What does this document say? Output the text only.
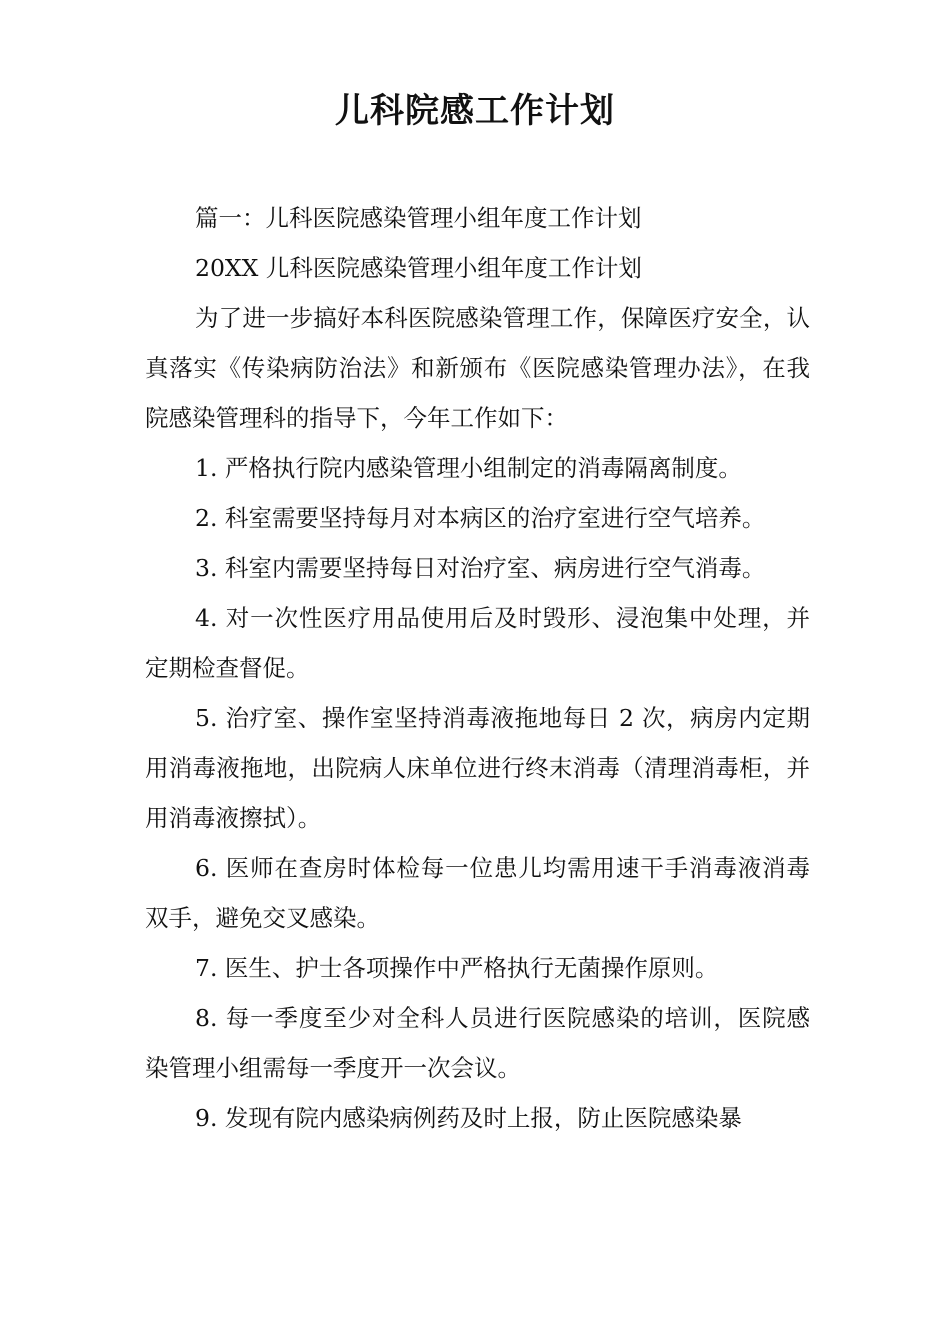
儿科院感工作计划

篇一：儿科医院感染管理小组年度工作计划

20XX 儿科医院感染管理小组年度工作计划

为了进一步搞好本科医院感染管理工作，保障医疗安全，认真落实《传染病防治法》和新颁布《医院感染管理办法》，在我院感染管理科的指导下，今年工作如下：

1. 严格执行院内感染管理小组制定的消毒隔离制度。

2. 科室需要坚持每月对本病区的治疗室进行空气培养。

3. 科室内需要坚持每日对治疗室、病房进行空气消毒。

4. 对一次性医疗用品使用后及时毁形、浸泡集中处理，并定期检查督促。

5. 治疗室、操作室坚持消毒液拖地每日 2 次，病房内定期用消毒液拖地，出院病人床单位进行终末消毒（清理消毒柜，并用消毒液擦拭）。

6. 医师在查房时体检每一位患儿均需用速干手消毒液消毒双手，避免交叉感染。

7. 医生、护士各项操作中严格执行无菌操作原则。

8. 每一季度至少对全科人员进行医院感染的培训，医院感染管理小组需每一季度开一次会议。

9. 发现有院内感染病例药及时上报，防止医院感染暴
